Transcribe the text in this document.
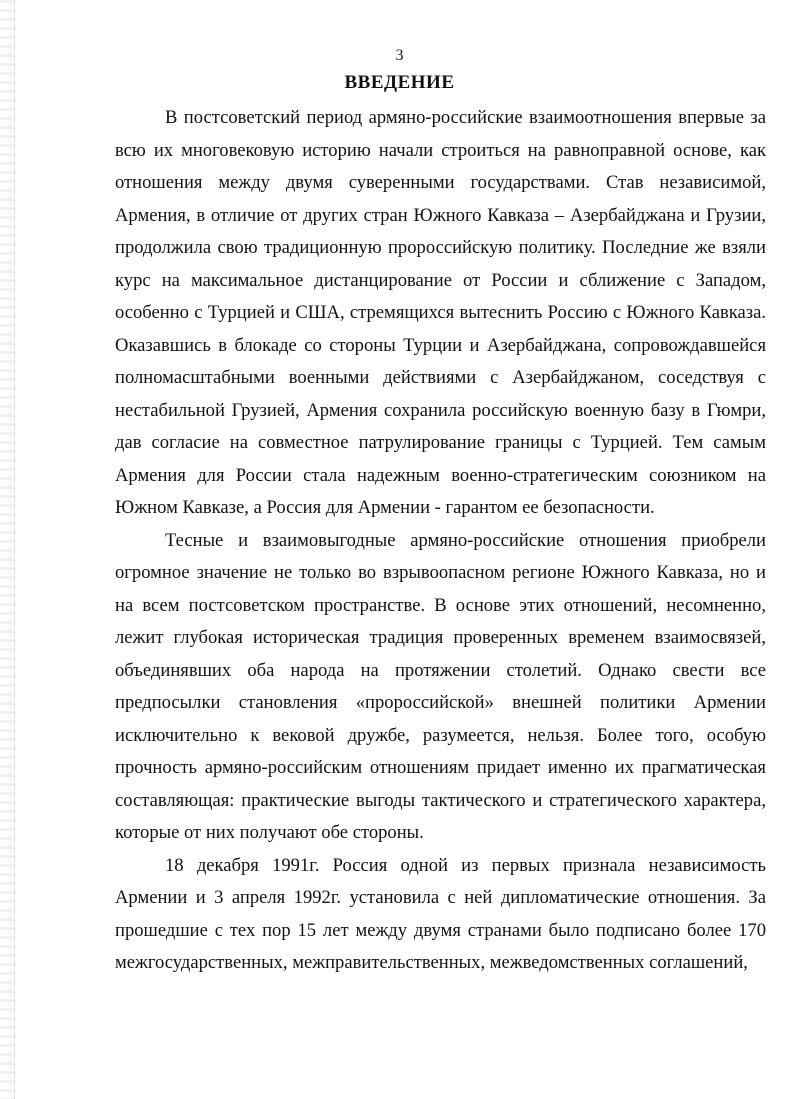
3

ВВЕДЕНИЕ

В постсоветский период армяно-российские взаимоотношения впервые за всю их многовековую историю начали строиться на равноправной основе, как отношения между двумя суверенными государствами. Став независимой, Армения, в отличие от других стран Южного Кавказа – Азербайджана и Грузии, продолжила свою традиционную пророссийскую политику. Последние же взяли курс на максимальное дистанцирование от России и сближение с Западом, особенно с Турцией и США, стремящихся вытеснить Россию с Южного Кавказа. Оказавшись в блокаде со стороны Турции и Азербайджана, сопровождавшейся полномасштабными военными действиями с Азербайджаном, соседствуя с нестабильной Грузией, Армения сохранила российскую военную базу в Гюмри, дав согласие на совместное патрулирование границы с Турцией. Тем самым Армения для России стала надежным военно-стратегическим союзником на Южном Кавказе, а Россия для Армении - гарантом ее безопасности.

Тесные и взаимовыгодные армяно-российские отношения приобрели огромное значение не только во взрывоопасном регионе Южного Кавказа, но и на всем постсоветском пространстве. В основе этих отношений, несомненно, лежит глубокая историческая традиция проверенных временем взаимосвязей, объединявших оба народа на протяжении столетий. Однако свести все предпосылки становления «пророссийской» внешней политики Армении исключительно к вековой дружбе, разумеется, нельзя. Более того, особую прочность армяно-российским отношениям придает именно их прагматическая составляющая: практические выгоды тактического и стратегического характера, которые от них получают обе стороны.

18 декабря 1991г. Россия одной из первых признала независимость Армении и 3 апреля 1992г. установила с ней дипломатические отношения. За прошедшие с тех пор 15 лет между двумя странами было подписано более 170 межгосударственных, межправительственных, межведомственных соглашений,
